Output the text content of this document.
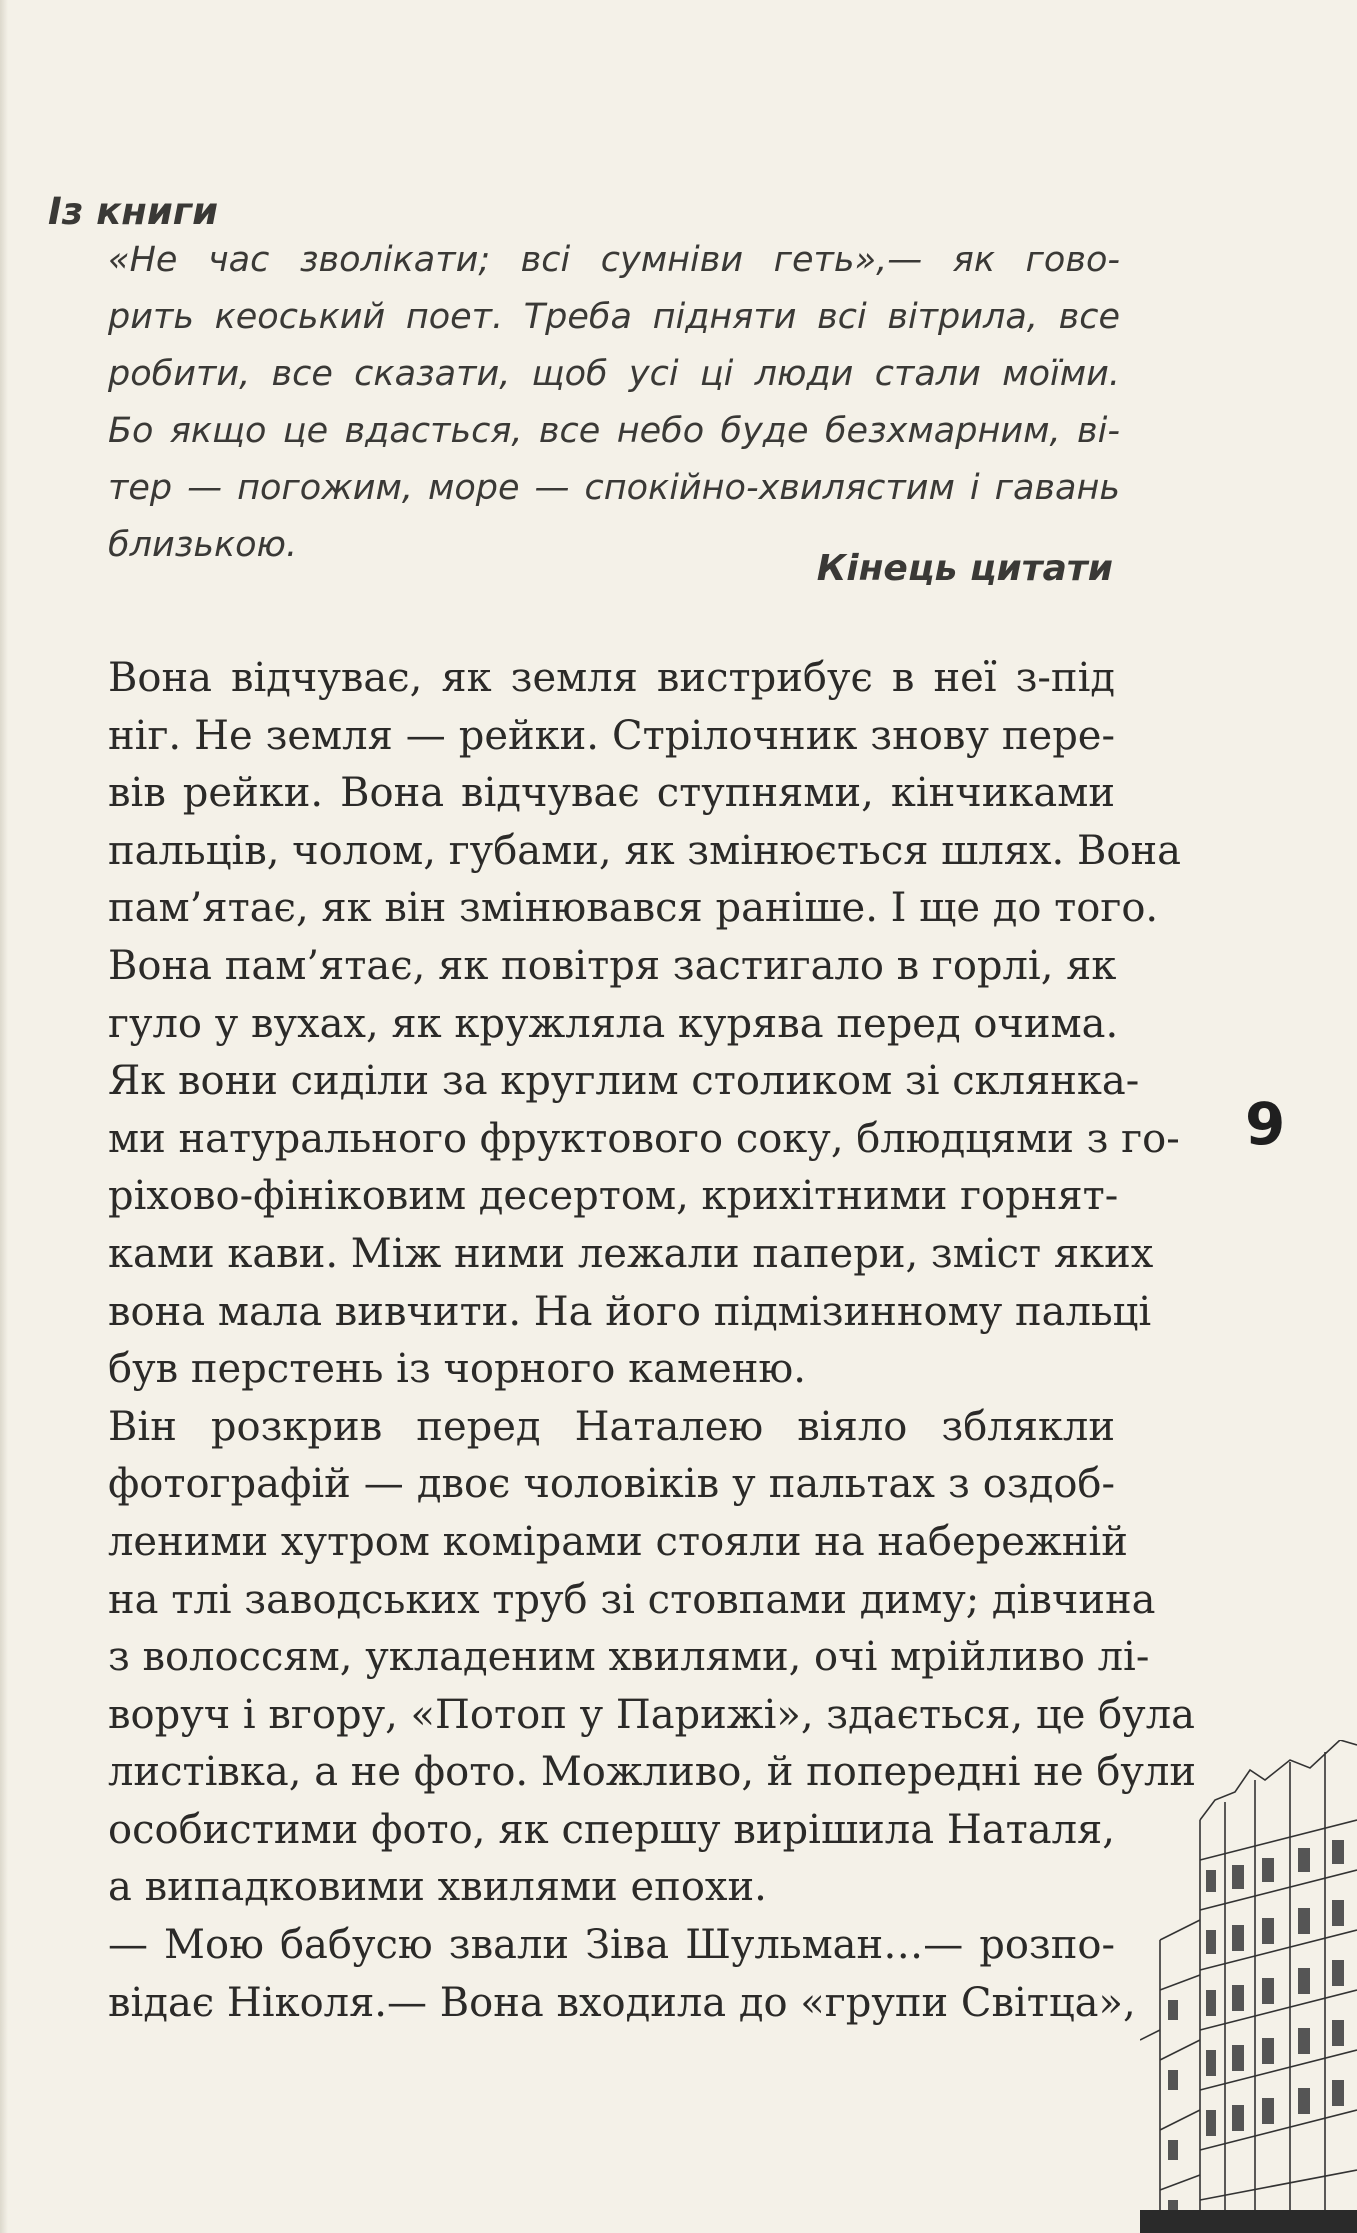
Із книги
«Не час зволікати; всі сумніви геть»,— як гово-
рить кеоський поет. Треба підняти всі вітрила, все
робити, все сказати, щоб усі ці люди стали моїми.
Бо якщо це вдасться, все небо буде безхмарним, ві-
тер — погожим, море — спокійно-хвилястим і гавань
близькою.
Кінець цитати
Вона відчуває, як земля вистрибує в неї з-під
ніг. Не земля — рейки. Стрілочник знову пере-
вів рейки. Вона відчуває ступнями, кінчиками
пальців, чолом, губами, як змінюється шлях. Вона
пам’ятає, як він змінювався раніше. І ще до того.
Вона пам’ятає, як повітря застигало в горлі, як
гуло у вухах, як кружляла курява перед очима.
Як вони сиділи за круглим столиком зі склянка-
ми натурального фруктового соку, блюдцями з го-
ріхово-фініковим десертом, крихітними горнят-
ками кави. Між ними лежали папери, зміст яких
вона мала вивчити. На його підмізинному пальці
був перстень із чорного каменю.
Він розкрив перед Наталею віяло зблякли
фотографій — двоє чоловіків у пальтах з оздоб-
леними хутром комірами стояли на набережній
на тлі заводських труб зі стовпами диму; дівчина
з волоссям, укладеним хвилями, очі мрійливо лі-
воруч і вгору, «Потоп у Парижі», здається, це була
листівка, а не фото. Можливо, й попередні не були
особистими фото, як спершу вирішила Наталя,
а випадковими хвилями епохи.
— Мою бабусю звали Зіва Шульман…— розпо-
відає Ніколя.— Вона входила до «групи Світца»,
9
